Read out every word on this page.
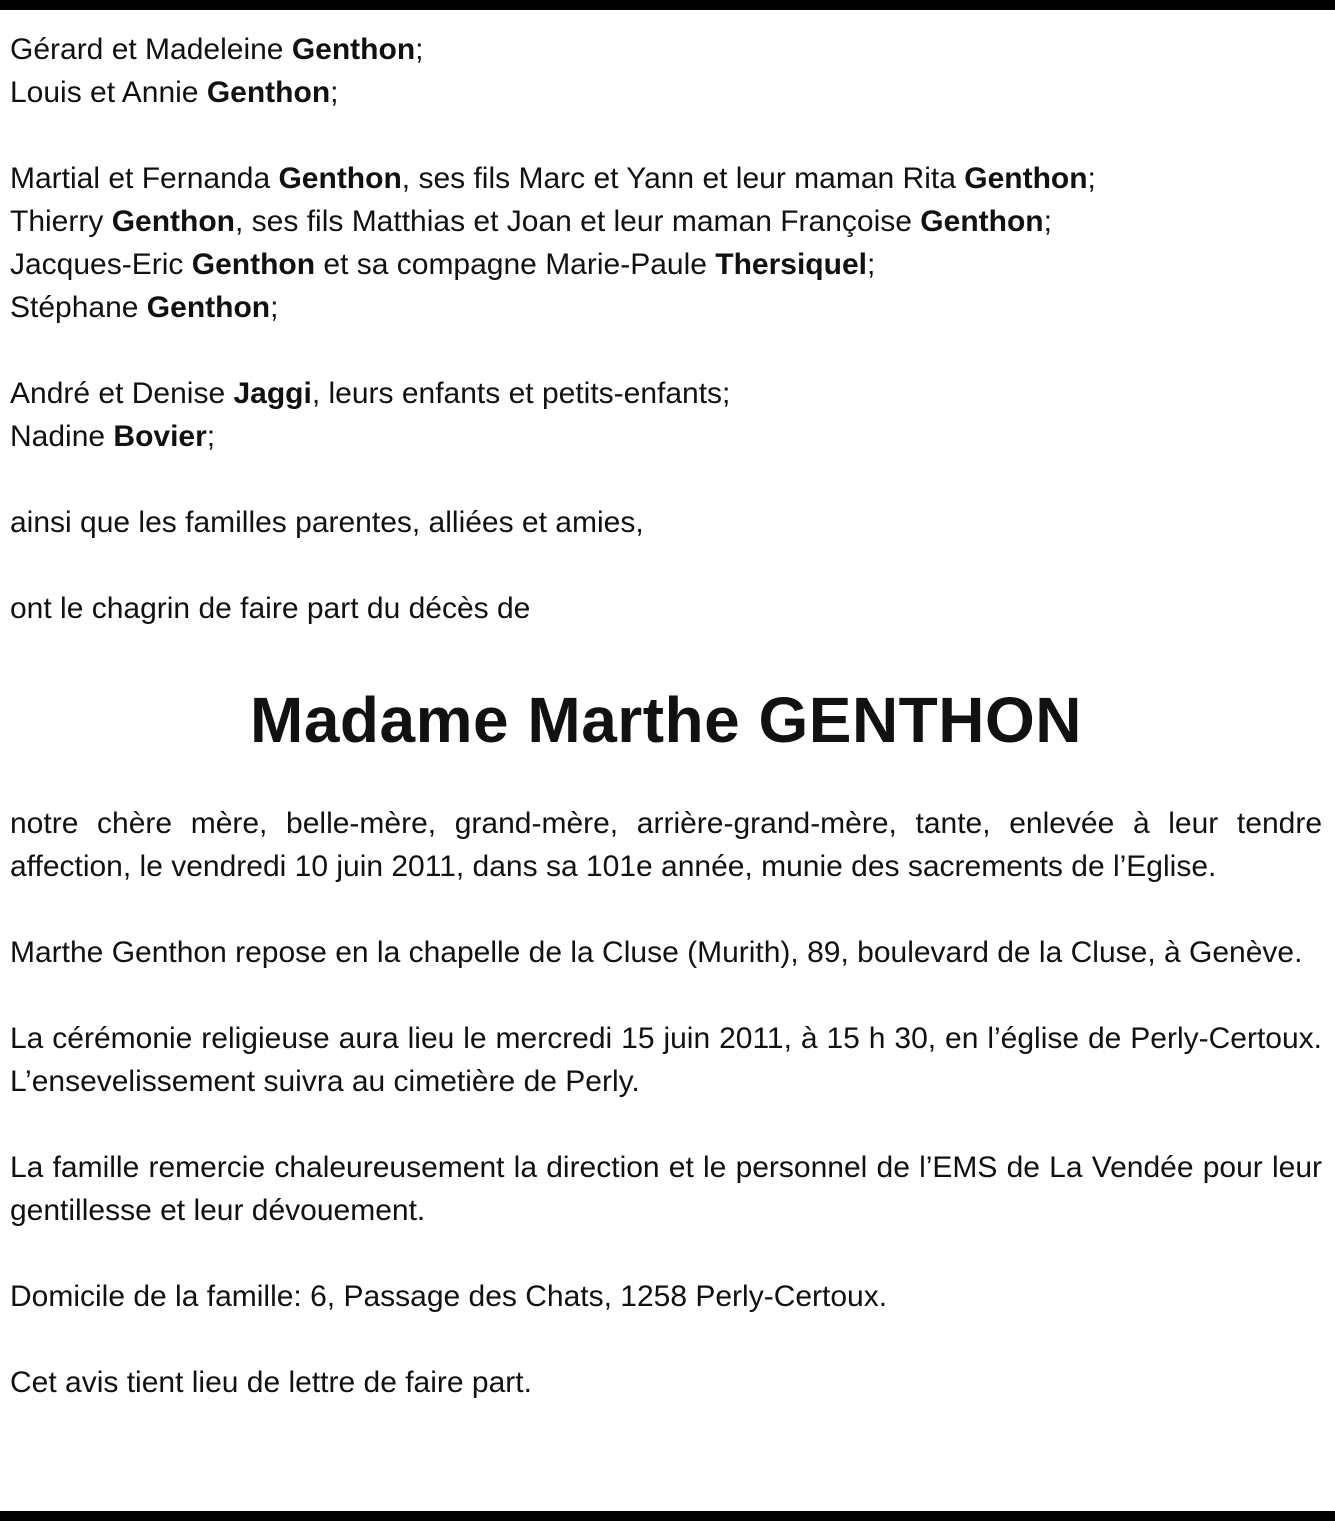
Gérard et Madeleine Genthon;
Louis et Annie Genthon;
Martial et Fernanda Genthon, ses fils Marc et Yann et leur maman Rita Genthon;
Thierry Genthon, ses fils Matthias et Joan et leur maman Françoise Genthon;
Jacques-Eric Genthon et sa compagne Marie-Paule Thersiquel;
Stéphane Genthon;
André et Denise Jaggi, leurs enfants et petits-enfants;
Nadine Bovier;
ainsi que les familles parentes, alliées et amies,
ont le chagrin de faire part du décès de
Madame Marthe GENTHON
notre chère mère, belle-mère, grand-mère, arrière-grand-mère, tante, enlevée à leur tendre affection, le vendredi 10 juin 2011, dans sa 101e année, munie des sacrements de l’Eglise.
Marthe Genthon repose en la chapelle de la Cluse (Murith), 89, boulevard de la Cluse, à Genève.
La cérémonie religieuse aura lieu le mercredi 15 juin 2011, à 15 h 30, en l’église de Perly-Certoux. L’ensevelissement suivra au cimetière de Perly.
La famille remercie chaleureusement la direction et le personnel de l’EMS de La Vendée pour leur gentillesse et leur dévouement.
Domicile de la famille: 6, Passage des Chats, 1258 Perly-Certoux.
Cet avis tient lieu de lettre de faire part.
